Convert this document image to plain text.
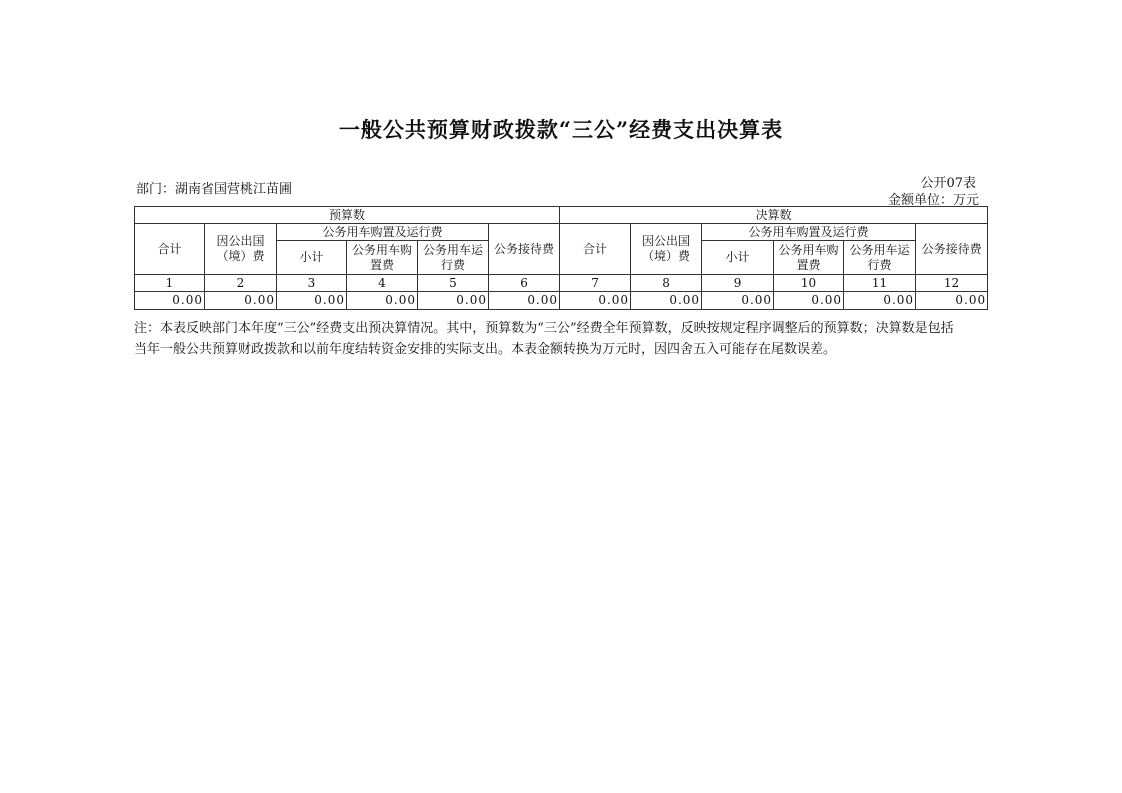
一般公共预算财政拨款“三公”经费支出决算表
部门：湖南省国营桃江苗圃	公开07表
金额单位：万元
预算数						决算数					
合计	因公出国（境）费	公务用车购置及运行费			公务接待费	合计	因公出国（境）费	公务用车购置及运行费			公务接待费
		小计	公务用车购置费	公务用车运行费				小计	公务用车购置费	公务用车运行费	
1	2	3	4	5	6	7	8	9	10	11	12
0.00	0.00	0.00	0.00	0.00	0.00	0.00	0.00	0.00	0.00	0.00	0.00
注：本表反映部门本年度“三公”经费支出预决算情况。其中，预算数为“三公”经费全年预算数，反映按规定程序调整后的预算数；决算数是包括当年一般公共预算财政拨款和以前年度结转资金安排的实际支出。本表金额转换为万元时，因四舍五入可能存在尾数误差。
